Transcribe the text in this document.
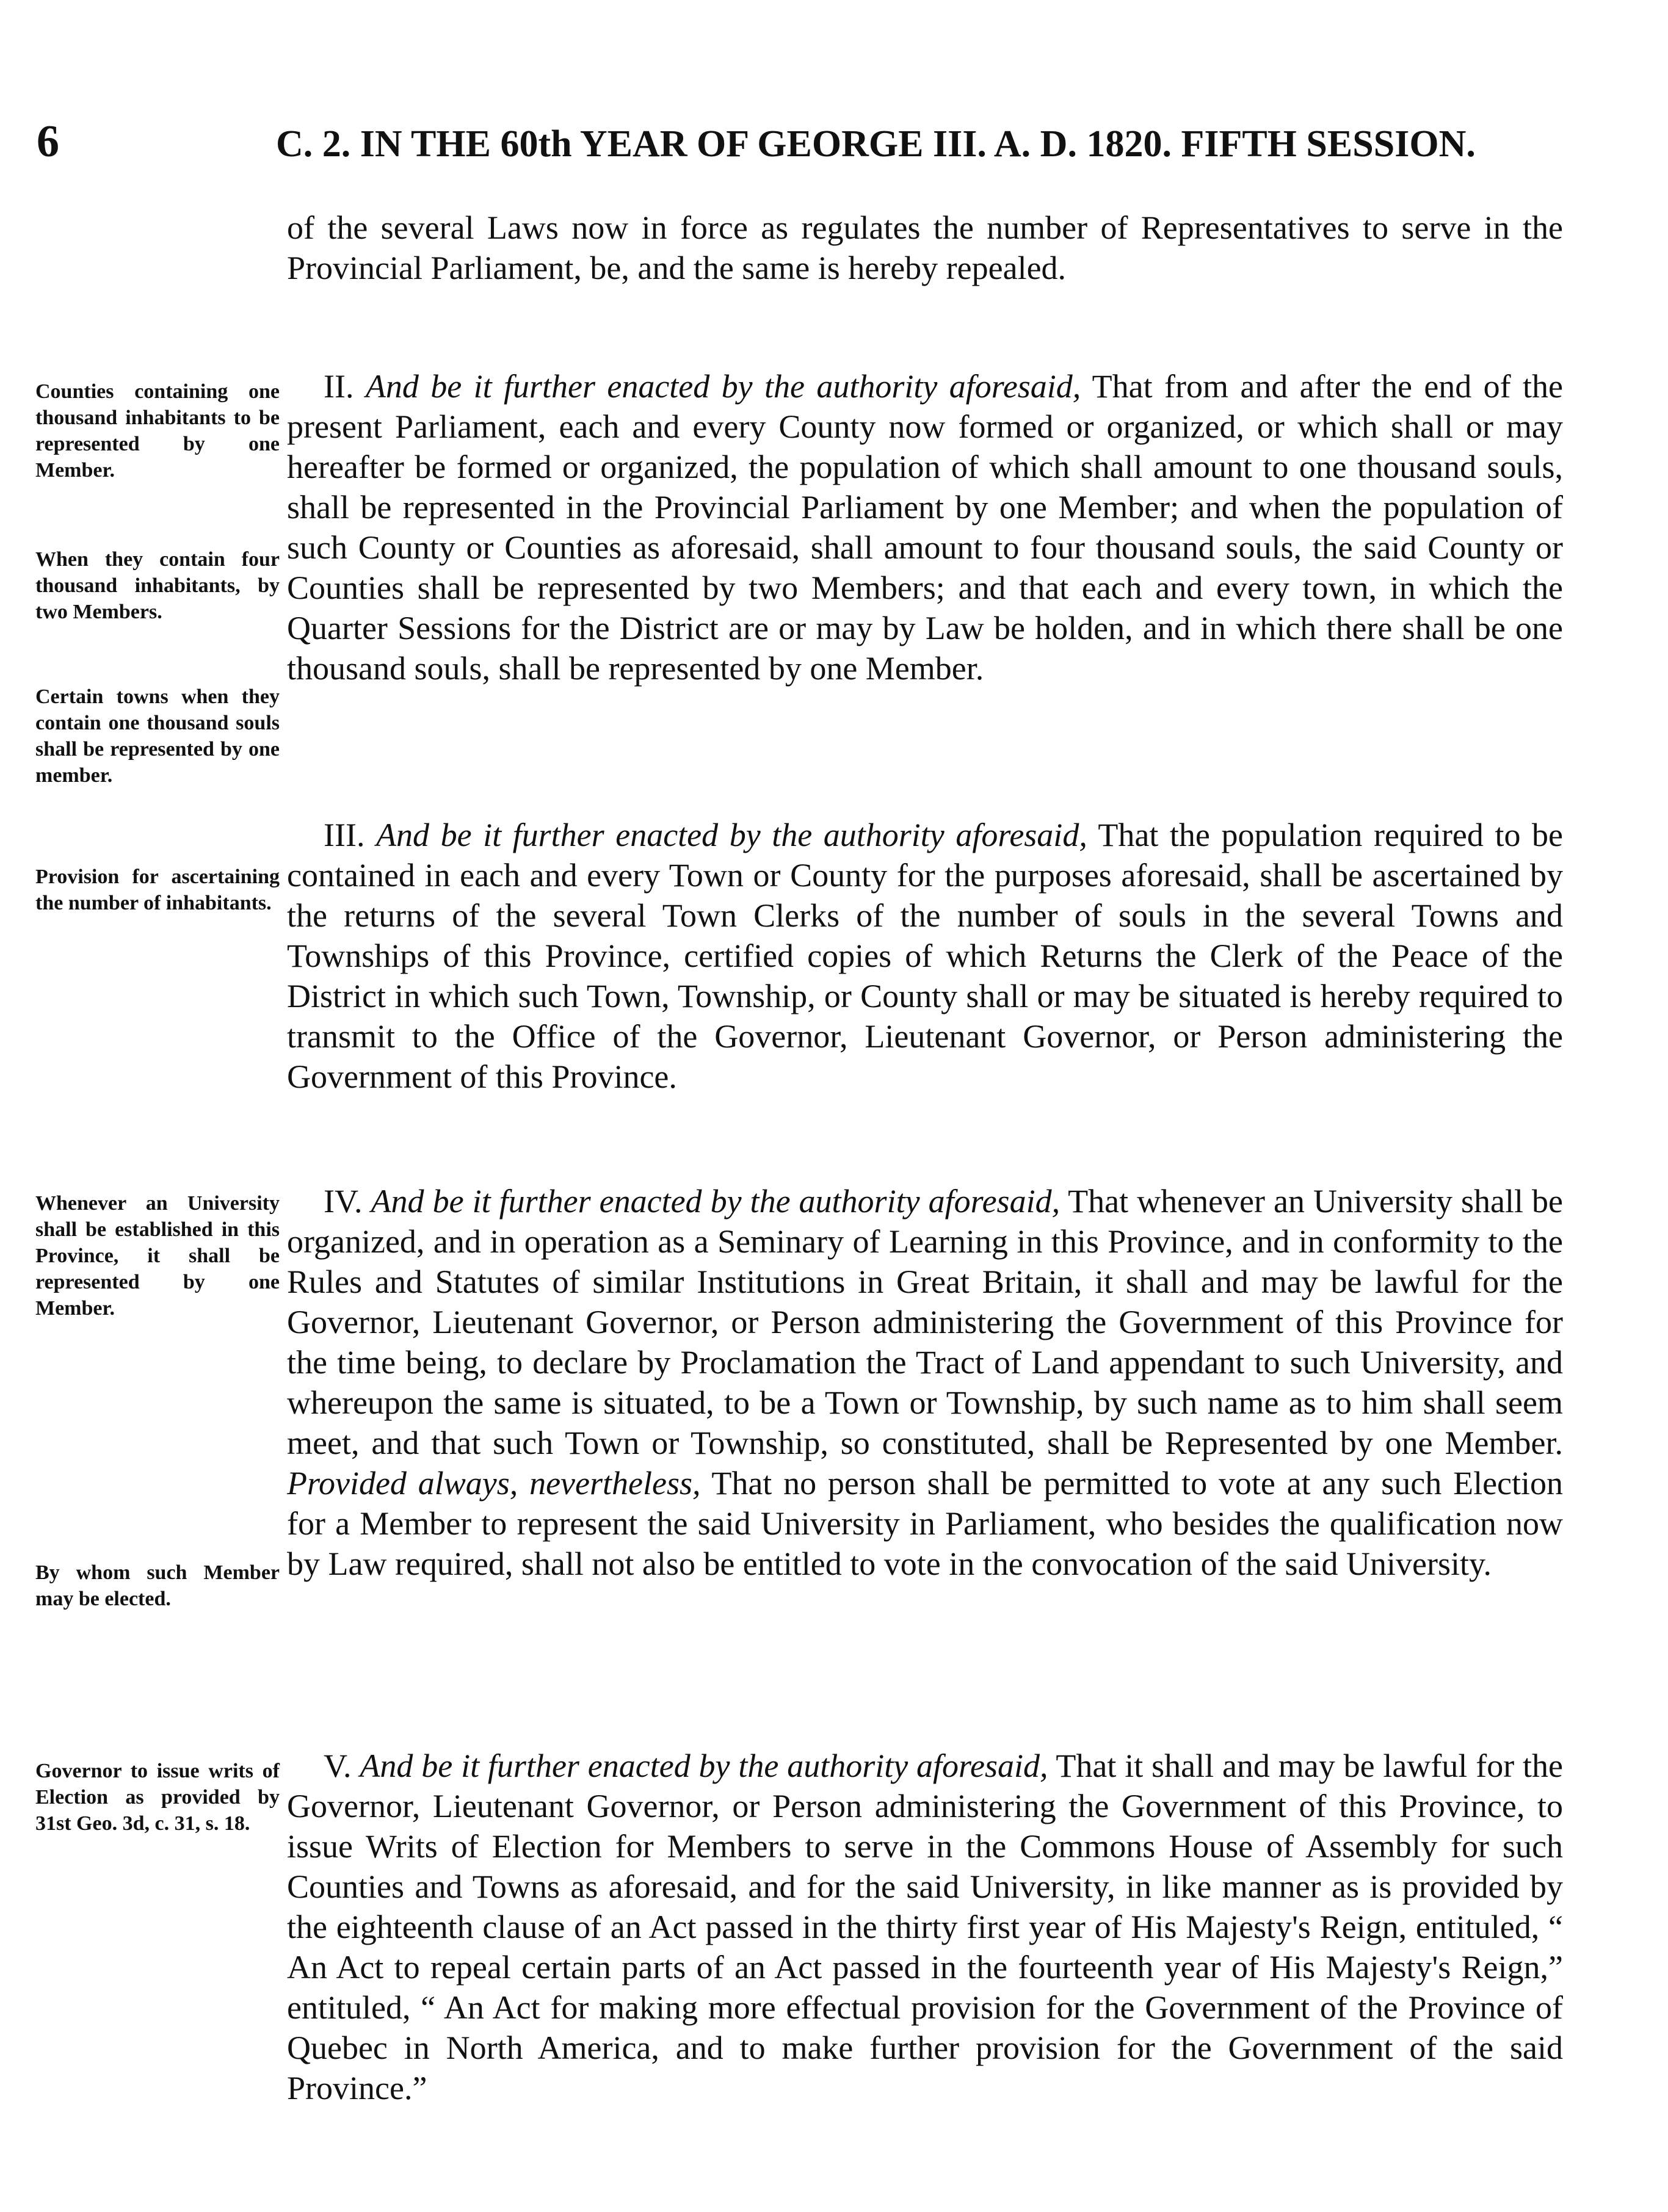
6	C. 2. IN THE 60th YEAR OF GEORGE III. A. D. 1820. FIFTH SESSION.

of the several Laws now in force as regulates the number of Representatives to serve in the Provincial Parliament, be, and the same is hereby repealed.

II. And be it further enacted by the authority aforesaid, That from and after the end of the present Parliament, each and every County now formed or organized, or which shall or may hereafter be formed or organized, the population of which shall amount to one thousand souls, shall be represented in the Provincial Parliament by one Member; and when the population of such County or Counties as aforesaid, shall amount to four thousand souls, the said County or Counties shall be represented by two Members; and that each and every town, in which the Quarter Sessions for the District are or may by Law be holden, and in which there shall be one thousand souls, shall be represented by one Member.

III. And be it further enacted by the authority aforesaid, That the population required to be contained in each and every Town or County for the purposes aforesaid, shall be ascertained by the returns of the several Town Clerks of the number of souls in the several Towns and Townships of this Province, certified copies of which Returns the Clerk of the Peace of the District in which such Town, Township, or County shall or may be situated is hereby required to transmit to the Office of the Governor, Lieutenant Governor, or Person administering the Government of this Province.

IV. And be it further enacted by the authority aforesaid, That whenever an University shall be organized, and in operation as a Seminary of Learning in this Province, and in conformity to the Rules and Statutes of similar Institutions in Great Britain, it shall and may be lawful for the Governor, Lieutenant Governor, or Person administering the Government of this Province for the time being, to declare by Proclamation the Tract of Land appendant to such University, and whereupon the same is situated, to be a Town or Township, by such name as to him shall seem meet, and that such Town or Township, so constituted, shall be Represented by one Member. Provided always, nevertheless, That no person shall be permitted to vote at any such Election for a Member to represent the said University in Parliament, who besides the qualification now by Law required, shall not also be entitled to vote in the convocation of the said University.

V. And be it further enacted by the authority aforesaid, That it shall and may be lawful for the Governor, Lieutenant Governor, or Person administering the Government of this Province, to issue Writs of Election for Members to serve in the Commons House of Assembly for such Counties and Towns as aforesaid, and for the said University, in like manner as is provided by the eighteenth clause of an Act passed in the thirty first year of His Majesty's Reign, entituled, “ An Act to repeal certain parts of an Act passed in the fourteenth year of His Majesty's Reign,” entituled, “ An Act for making more effectual provision for the Government of the Province of Quebec in North America, and to make further provision for the Government of the said Province.”

Counties containing one thousand inhabitants to be represented by one Member.
When they contain four thousand inhabitants, by two Members.
Certain towns when they contain one thousand souls shall be represented by one member.
Provision for ascertaining the number of inhabitants.
Whenever an University shall be established in this Province, it shall be represented by one Member.
By whom such Member may be elected.
Governor to issue writs of Election as provided by 31st Geo. 3d, c. 31, s. 18.
